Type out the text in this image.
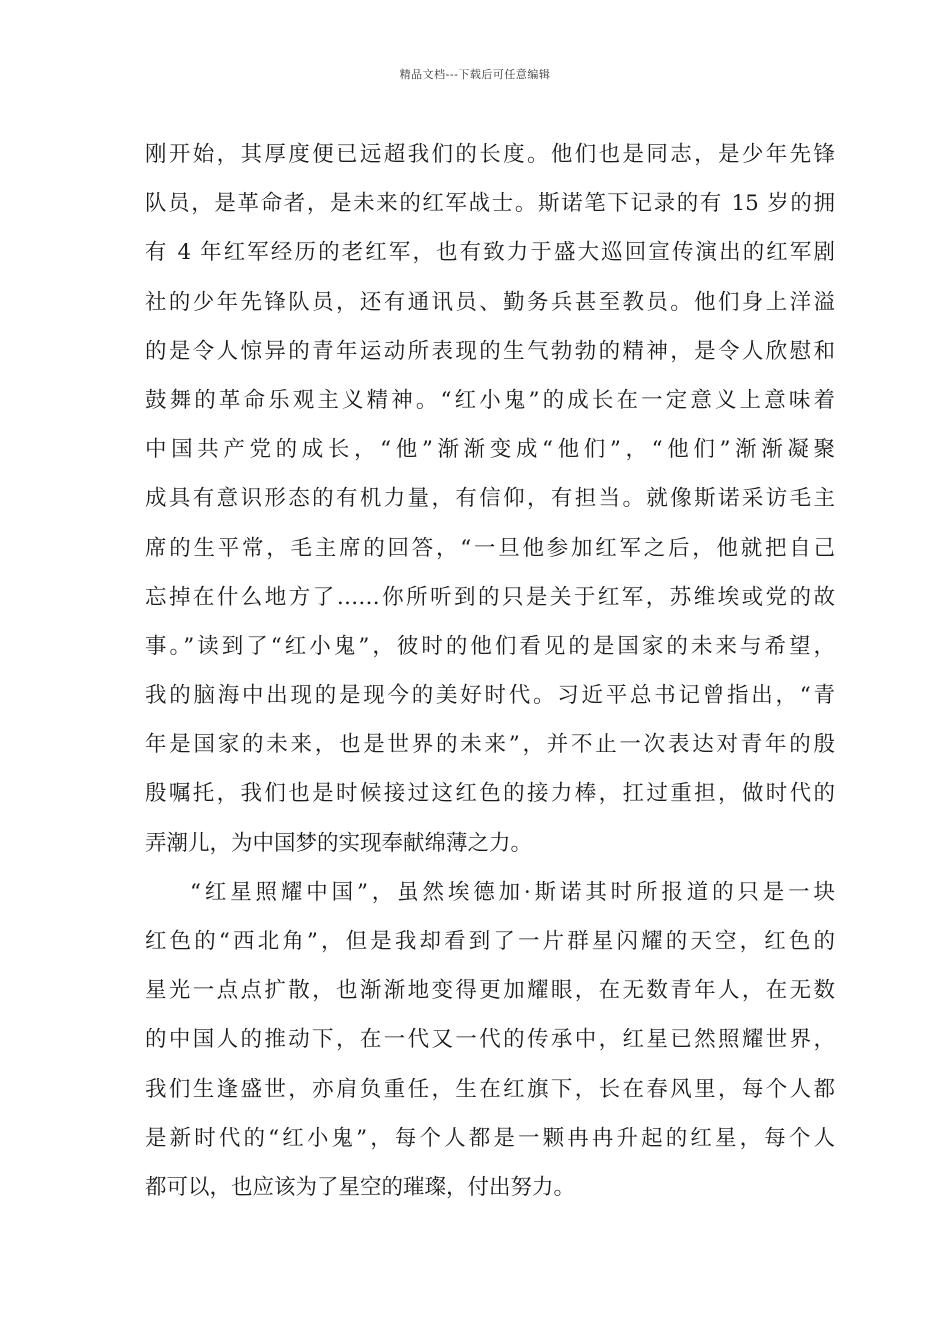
精品文档---下载后可任意编辑
刚开始，其厚度便已远超我们的长度。他们也是同志，是少年先锋
队员，是革命者，是未来的红军战士。斯诺笔下记录的有 15 岁的拥
有 4 年红军经历的老红军，也有致力于盛大巡回宣传演出的红军剧
社的少年先锋队员，还有通讯员、勤务兵甚至教员。他们身上洋溢
的是令人惊异的青年运动所表现的生气勃勃的精神，是令人欣慰和
鼓舞的革命乐观主义精神。“红小鬼”的成长在一定意义上意味着
中国共产党的成长，“他”渐渐变成“他们”，“他们”渐渐凝聚
成具有意识形态的有机力量，有信仰，有担当。就像斯诺采访毛主
席的生平常，毛主席的回答，“一旦他参加红军之后，他就把自己
忘掉在什么地方了……你所听到的只是关于红军，苏维埃或党的故
事。”读到了“红小鬼”，彼时的他们看见的是国家的未来与希望，
我的脑海中出现的是现今的美好时代。习近平总书记曾指出，“青
年是国家的未来，也是世界的未来”，并不止一次表达对青年的殷
殷嘱托，我们也是时候接过这红色的接力棒，扛过重担，做时代的
弄潮儿，为中国梦的实现奉献绵薄之力。
“红星照耀中国”，虽然埃德加·斯诺其时所报道的只是一块
红色的“西北角”，但是我却看到了一片群星闪耀的天空，红色的
星光一点点扩散，也渐渐地变得更加耀眼，在无数青年人，在无数
的中国人的推动下，在一代又一代的传承中，红星已然照耀世界，
我们生逢盛世，亦肩负重任，生在红旗下，长在春风里，每个人都
是新时代的“红小鬼”，每个人都是一颗冉冉升起的红星，每个人
都可以，也应该为了星空的璀璨，付出努力。
